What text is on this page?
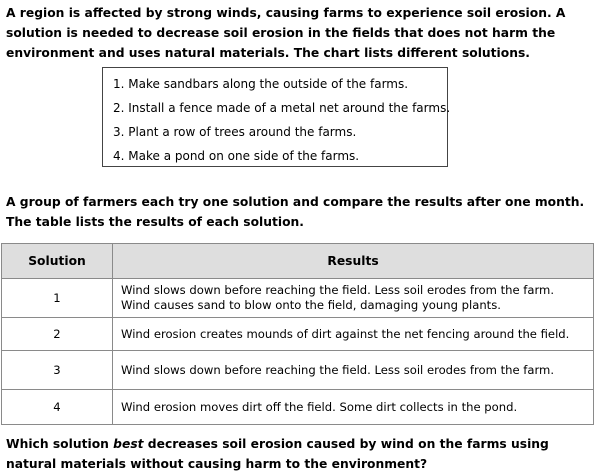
A region is affected by strong winds, causing farms to experience soil erosion. A solution is needed to decrease soil erosion in the fields that does not harm the environment and uses natural materials. The chart lists different solutions.
1. Make sandbars along the outside of the farms.
2. Install a fence made of a metal net around the farms.
3. Plant a row of trees around the farms.
4. Make a pond on one side of the farms.
A group of farmers each try one solution and compare the results after one month. The table lists the results of each solution.
Solution	Results
1	Wind slows down before reaching the field. Less soil erodes from the farm.
Wind causes sand to blow onto the field, damaging young plants.

2	Wind erosion creates mounds of dirt against the net fencing around the field.

3	Wind slows down before reaching the field. Less soil erodes from the farm.

4	Wind erosion moves dirt off the field. Some dirt collects in the pond.
Which solution best decreases soil erosion caused by wind on the farms using natural materials without causing harm to the environment?
